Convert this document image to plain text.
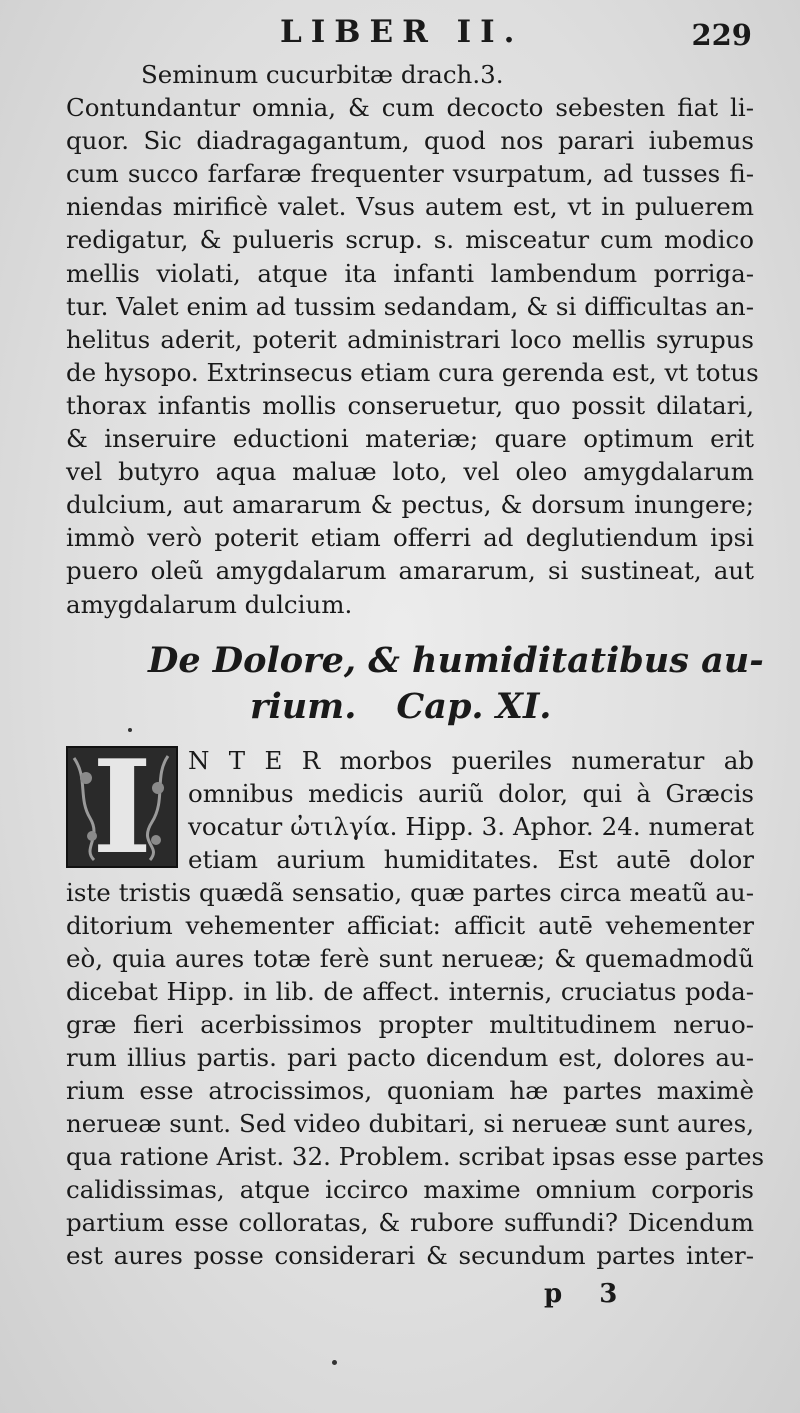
LIBER II.	229
Seminum cucurbitæ drach.3.
Contundantur omnia, & cum decocto sebesten fiat li-
quor. Sic diadragagantum, quod nos parari iubemus
cum succo farfaræ frequenter vsurpatum, ad tusses fi-
niendas mirificè valet. Vsus autem est, vt in puluerem
redigatur, & pulueris scrup. s. misceatur cum modico
mellis violati, atque ita infanti lambendum porriga-
tur. Valet enim ad tussim sedandam, & si difficultas an-
helitus aderit, poterit administrari loco mellis syrupus
de hysopo. Extrinsecus etiam cura gerenda est, vt totus
thorax infantis mollis conseruetur, quo possit dilatari,
& inseruire eductioni materiæ; quare optimum erit
vel butyro aqua maluæ loto, vel oleo amygdalarum
dulcium, aut amararum & pectus, & dorsum inungere;
immò verò poterit etiam offerri ad deglutiendum ipsi
puero oleũ amygdalarum amararum, si sustineat, aut
amygdalarum dulcium.
De Dolore, & humiditatibus au-
rium. Cap. XI.
I	N T E R morbos pueriles numeratur ab
omnibus medicis auriũ dolor, qui à Græcis
vocatur ὠτιλγία. Hipp. 3. Aphor. 24. numerat
etiam aurium humiditates. Est autē dolor
iste tristis quædã sensatio, quæ partes circa meatũ au-
ditorium vehementer afficiat: afficit autē vehementer
eò, quia aures totæ ferè sunt nerueæ; & quemadmodũ
dicebat Hipp. in lib. de affect. internis, cruciatus poda-
græ fieri acerbissimos propter multitudinem neruo-
rum illius partis. pari pacto dicendum est, dolores au-
rium esse atrocissimos, quoniam hæ partes maximè
nerueæ sunt. Sed video dubitari, si nerueæ sunt aures,
qua ratione Arist. 32. Problem. scribat ipsas esse partes
calidissimas, atque iccirco maxime omnium corporis
partium esse colloratas, & rubore suffundi? Dicendum
est aures posse considerari & secundum partes inter-
p 3
